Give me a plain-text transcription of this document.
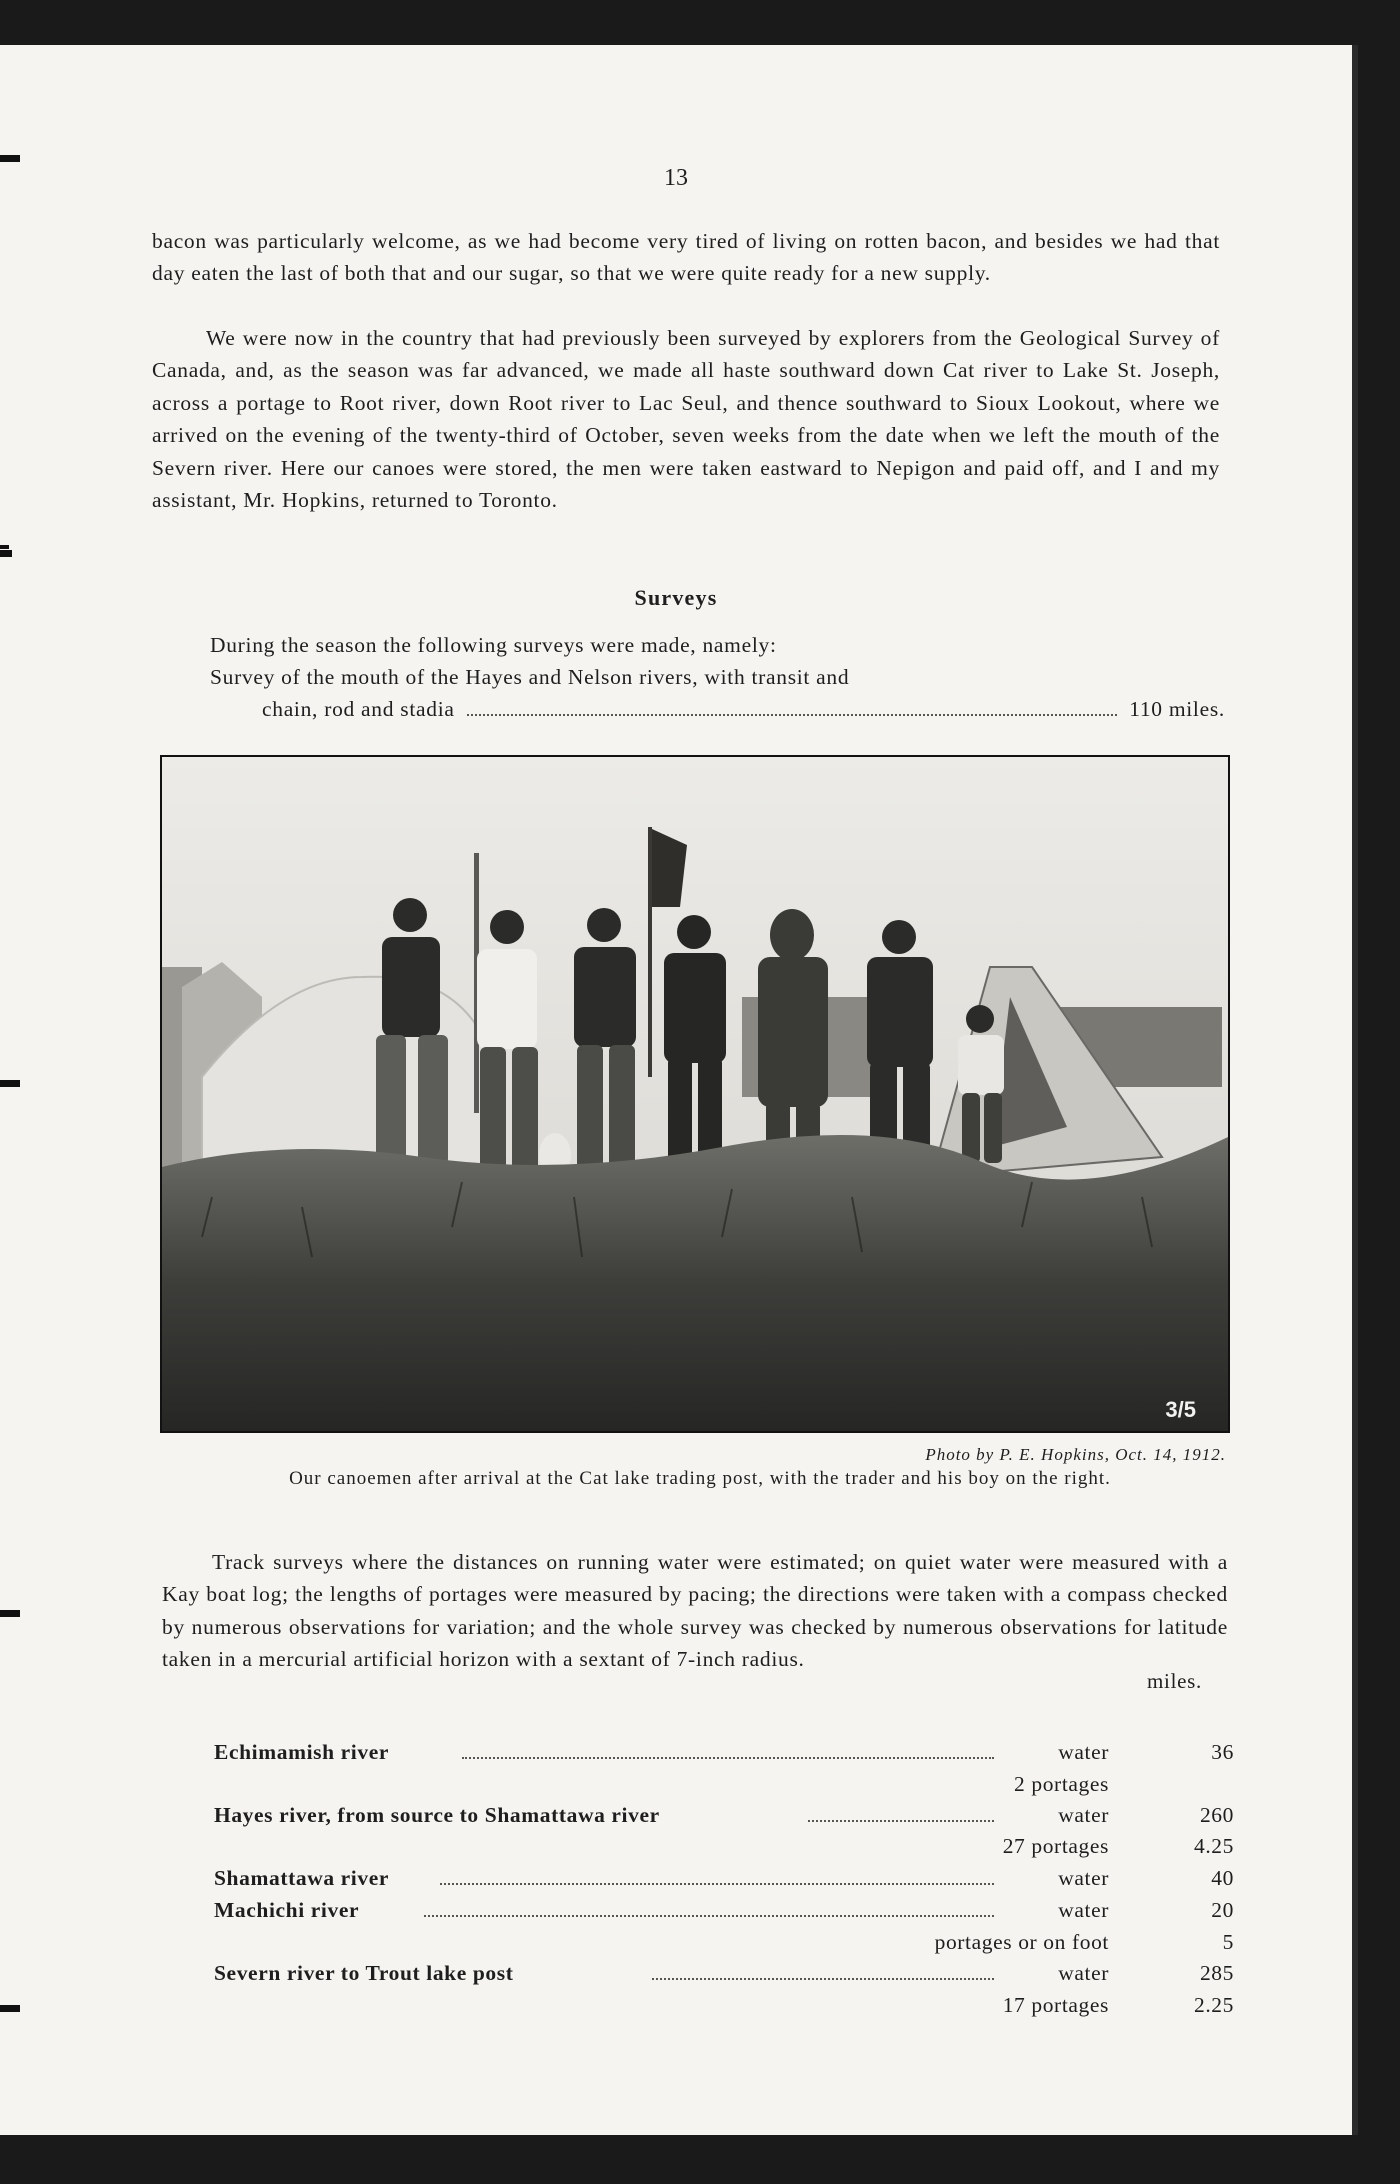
13

bacon was particularly welcome, as we had become very tired of living on rotten bacon, and besides we had that day eaten the last of both that and our sugar, so that we were quite ready for a new supply.

We were now in the country that had previously been surveyed by explorers from the Geological Survey of Canada, and, as the season was far advanced, we made all haste southward down Cat river to Lake St. Joseph, across a portage to Root river, down Root river to Lac Seul, and thence southward to Sioux Lookout, where we arrived on the evening of the twenty-third of October, seven weeks from the date when we left the mouth of the Severn river. Here our canoes were stored, the men were taken eastward to Nepigon and paid off, and I and my assistant, Mr. Hopkins, returned to Toronto.

Surveys
During the season the following surveys were made, namely:
Survey of the mouth of the Hayes and Nelson rivers, with transit and
chain, rod and stadia	110 miles.
3/5
Photo by P. E. Hopkins, Oct. 14, 1912.
Our canoemen after arrival at the Cat lake trading post, with the trader and his boy on the right.

Track surveys where the distances on running water were estimated; on quiet water were measured with a Kay boat log; the lengths of portages were measured by pacing; the directions were taken with a compass checked by numerous observations for variation; and the whole survey was checked by numerous observations for latitude taken in a mercurial artificial horizon with a sextant of 7-inch radius.

miles.
Echimamish river	water	36
2 portages
Hayes river, from source to Shamattawa river	water	260
27 portages	4.25
Shamattawa river	water	40
Machichi river	water	20
portages or on foot	5
Severn river to Trout lake post	water	285
17 portages	2.25
